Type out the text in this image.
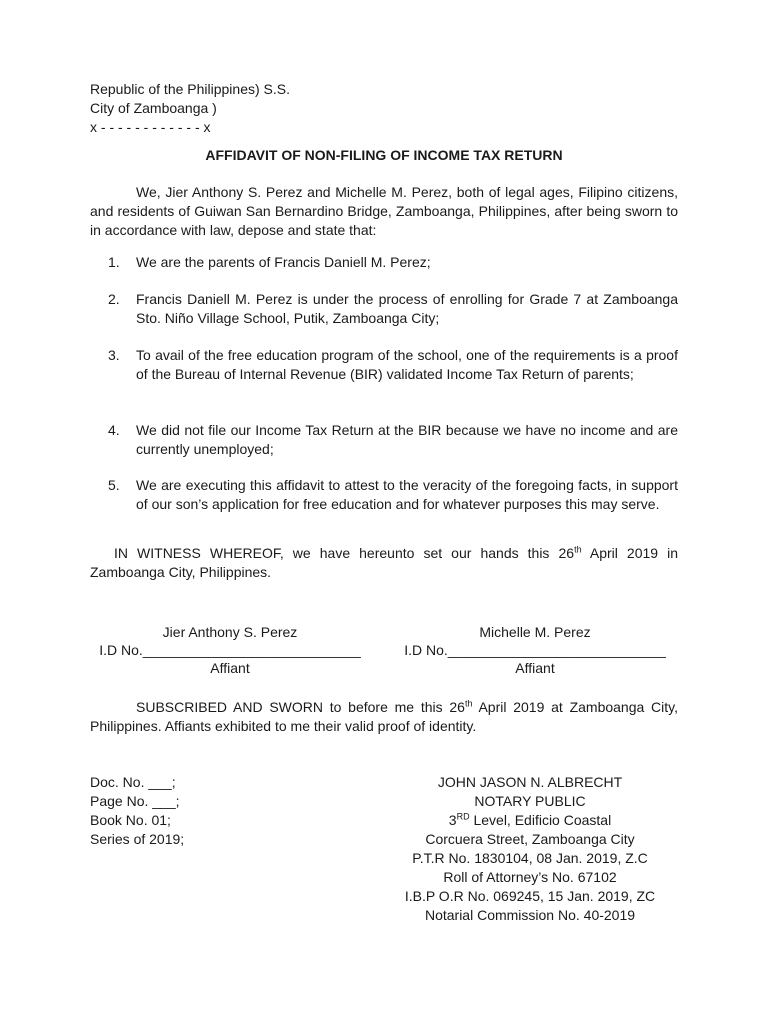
Republic of the Philippines) S.S.
City of Zamboanga )
x - - - - - - - - - - - - x
AFFIDAVIT OF NON-FILING OF INCOME TAX RETURN
We, Jier Anthony S. Perez and Michelle M. Perez, both of legal ages, Filipino citizens, and residents of Guiwan San Bernardino Bridge, Zamboanga, Philippines, after being sworn to in accordance with law, depose and state that:
1.	We are the parents of Francis Daniell M. Perez;
2.	Francis Daniell M. Perez is under the process of enrolling for Grade 7 at Zamboanga Sto. Niño Village School, Putik, Zamboanga City;
3.	To avail of the free education program of the school, one of the requirements is a proof of the Bureau of Internal Revenue (BIR) validated Income Tax Return of parents;
4.	We did not file our Income Tax Return at the BIR because we have no income and are currently unemployed;
5.	We are executing this affidavit to attest to the veracity of the foregoing facts, in support of our son’s application for free education and for whatever purposes this may serve.
IN WITNESS WHEREOF, we have hereunto set our hands this 26th April 2019 in Zamboanga City, Philippines.
Jier Anthony S. Perez
I.D No.____________________________
Affiant
Michelle M. Perez
I.D No.____________________________
Affiant
SUBSCRIBED AND SWORN to before me this 26th April 2019 at Zamboanga City, Philippines. Affiants exhibited to me their valid proof of identity.
Doc. No. ___;
Page No. ___;
Book No. 01;
Series of 2019;
JOHN JASON N. ALBRECHT
NOTARY PUBLIC
3RD Level, Edificio Coastal
Corcuera Street, Zamboanga City
P.T.R No. 1830104, 08 Jan. 2019, Z.C
Roll of Attorney’s No. 67102
I.B.P O.R No. 069245, 15 Jan. 2019, ZC
Notarial Commission No. 40-2019
